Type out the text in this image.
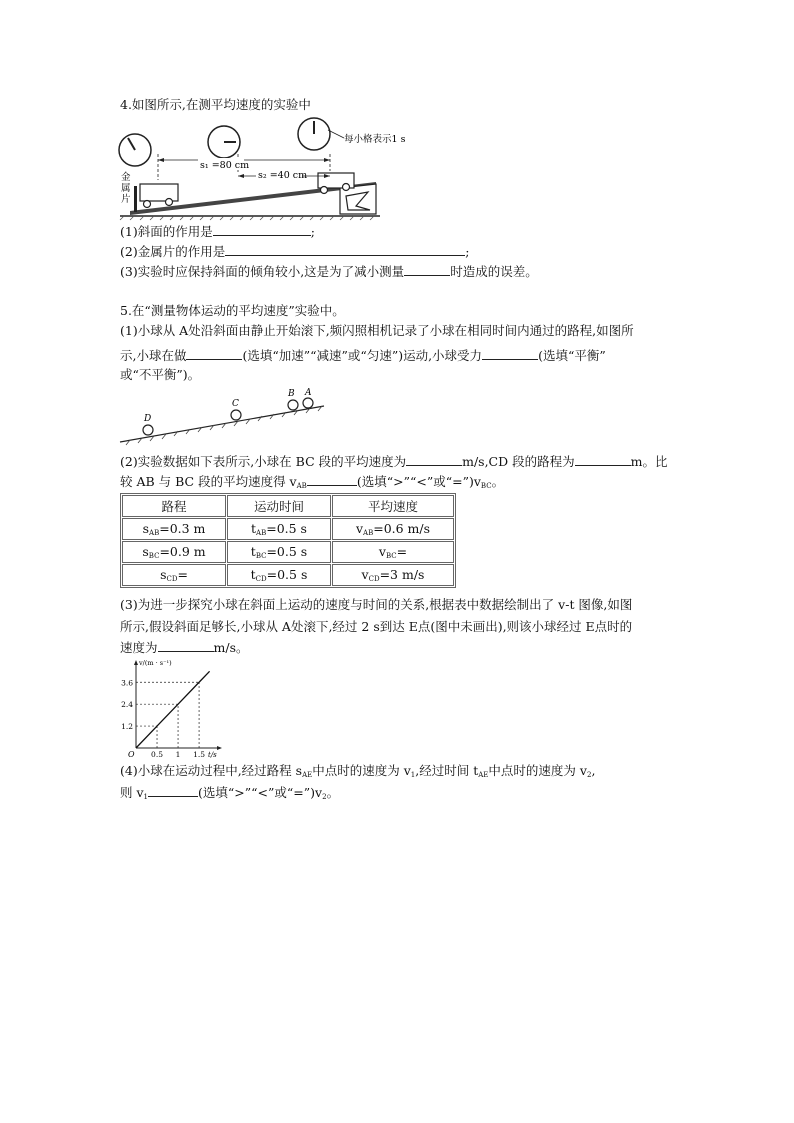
4.如图所示,在测平均速度的实验中
每小格表示1 s
s₁ =80 cm
s₂ =40 cm
金
属
片
(1)斜面的作用是	;
(2)金属片的作用是	;
(3)实验时应保持斜面的倾角较小,这是为了减小测量	时造成的误差。
5.在“测量物体运动的平均速度”实验中。
(1)小球从 A处沿斜面由静止开始滚下,频闪照相机记录了小球在相同时间内通过的路程,如图所
示,小球在做	(选填“加速”“减速”或“匀速”)运动,小球受力	(选填“平衡”
或“不平衡”)。
D
C
B A
(2)实验数据如下表所示,小球在 BC 段的平均速度为	m/s,CD 段的路程为	m。比
较 AB 与 BC 段的平均速度得 $v_{AB}$	(选填“>”“<”或“$=”)v_{BC}$。
路程	运动时间	平均速度
$s_{AB}=0.3$ m	$t_{AB}=0.5$ s	$v_{AB}=0.6$ m/s
$s_{BC}=0.9$ m	$t_{BC}=0.5$ s	$v_{BC}=$
$s_{CD}=$	$t_{CD}=0.5$ s	$v_{CD}=3$ m/s
(3)为进一步探究小球在斜面上运动的速度与时间的关系,根据表中数据绘制出了 v-t 图像,如图
所示,假设斜面足够长,小球从 A处滚下,经过 2 s到达 E点(图中未画出),则该小球经过 E点时的
速度为	m/s。
0.5 1 1.5
1.2
2.4
3.6
O	t/s
v/(m · s⁻¹)
(4)小球在运动过程中,经过路程 $s_{AE}$中点时的速度为 $v_1$,经过时间 $t_{AE}$中点时的速度为 $v_2$,
则 $v_1$	(选填“>”“<”或“$=”)v_2$。
